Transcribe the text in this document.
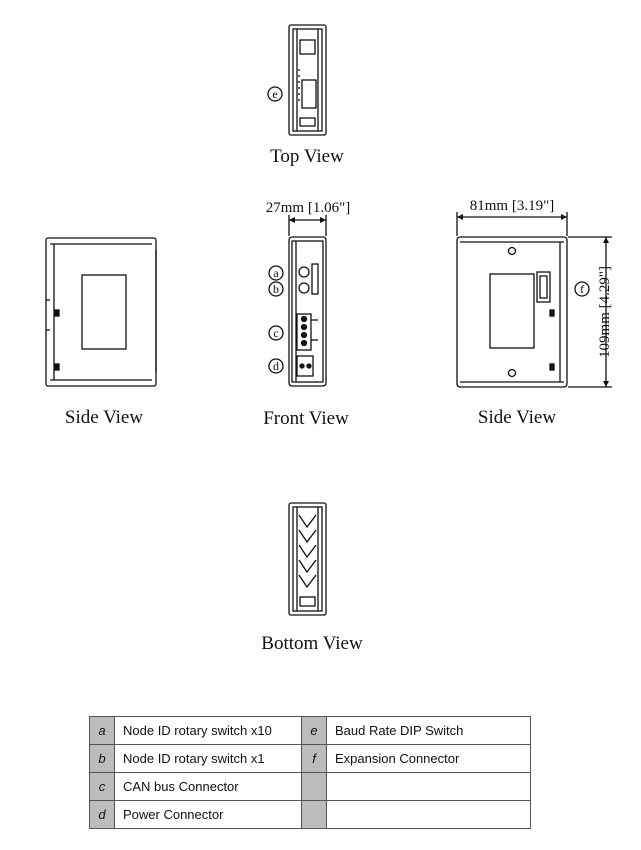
e
a
b
c
d
f
27mm [1.06"]	81mm [3.19"]
109mm [4.29"]
Top View
Side View	Front View	Side View
Bottom View
a	Node ID rotary switch x10	e	Baud Rate DIP Switch
b	Node ID rotary switch x1	f	Expansion Connector
c	CAN bus Connector		
d	Power Connector		
